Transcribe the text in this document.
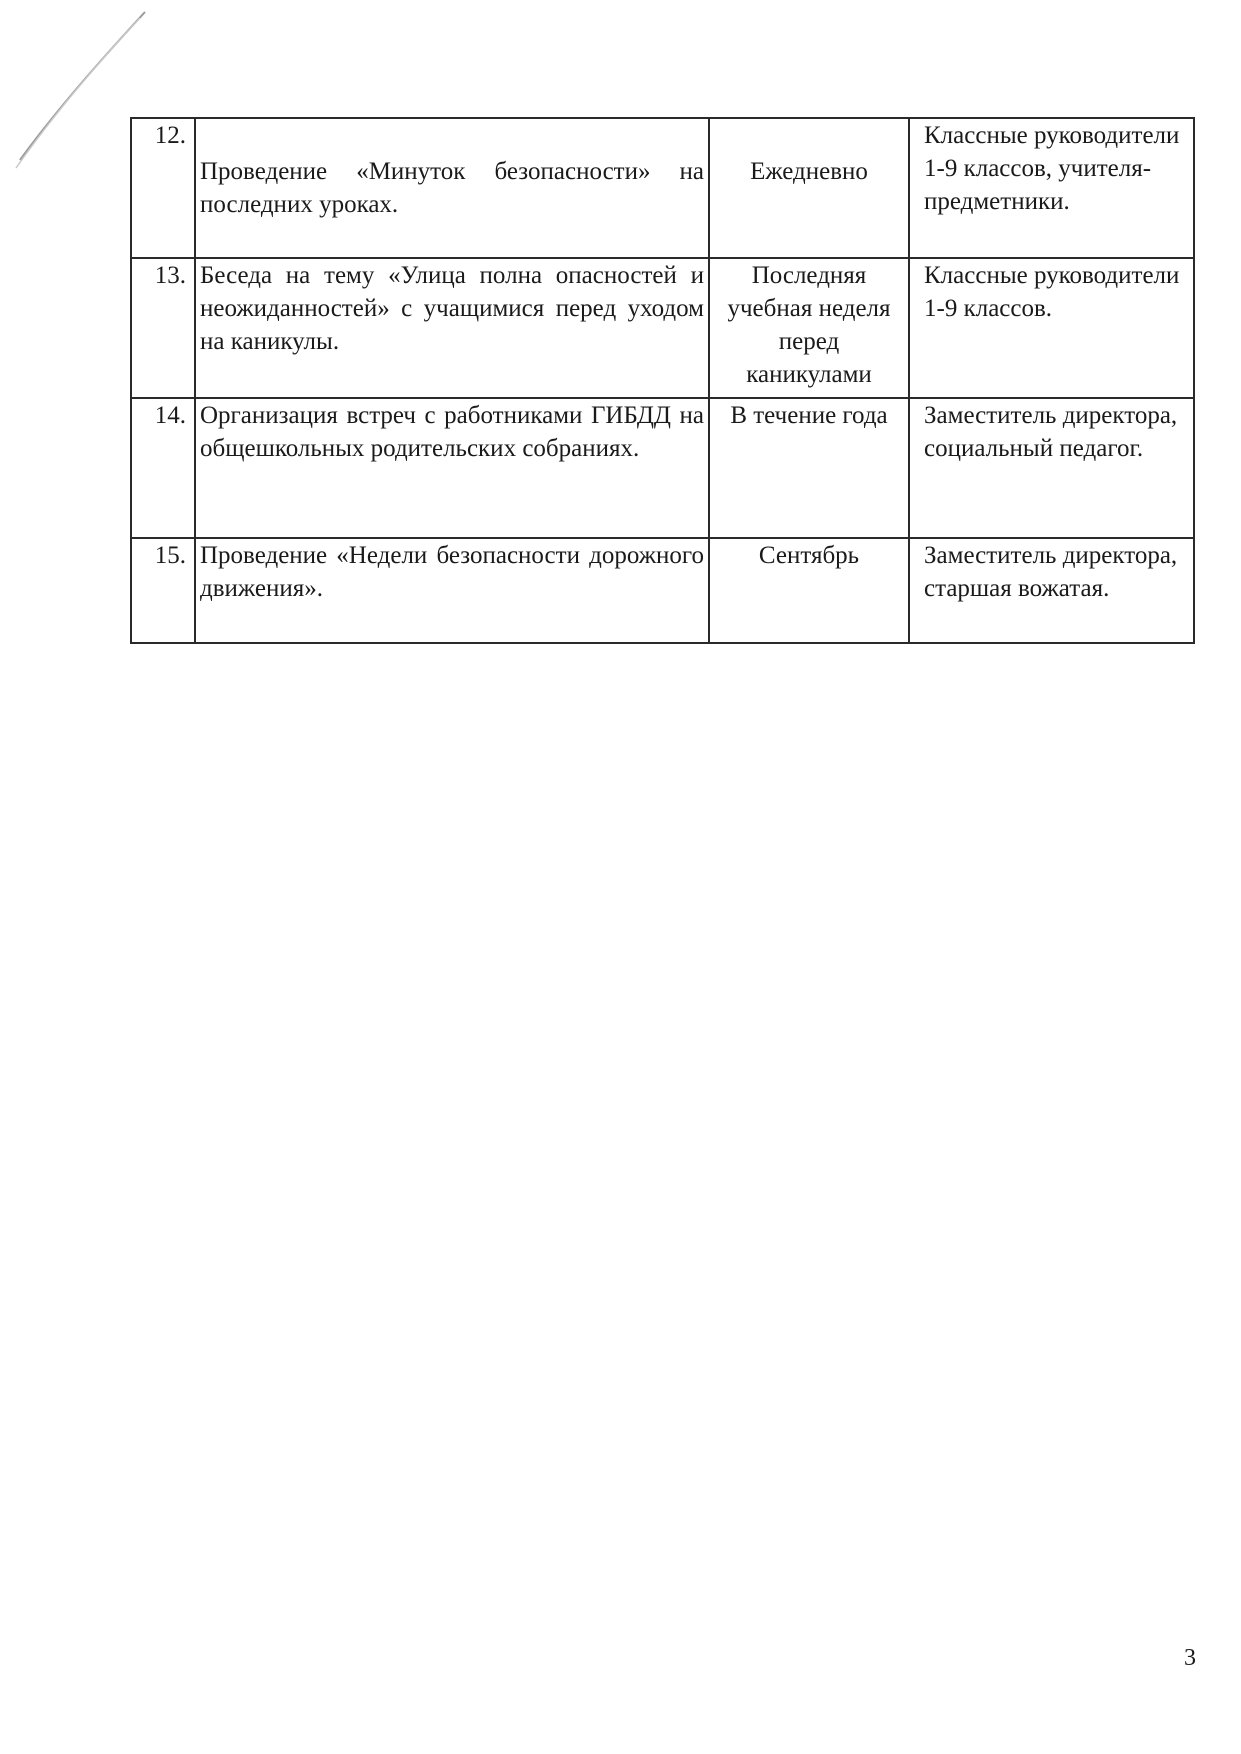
12.	Проведение «Минуток безопасности» на последних уроках.	Ежедневно	Классные руководители 1-9 классов, учителя-предметники.
13.	Беседа на тему «Улица полна опасностей и неожиданностей» с учащимися перед уходом на каникулы.	Последняя учебная неделя перед каникулами	Классные руководители 1-9 классов.
14.	Организация встреч с работниками ГИБДД на общешкольных родительских собраниях.	В течение года	Заместитель директора, социальный педагог.
15.	Проведение «Недели безопасности дорожного движения».	Сентябрь	Заместитель директора, старшая вожатая.
3
